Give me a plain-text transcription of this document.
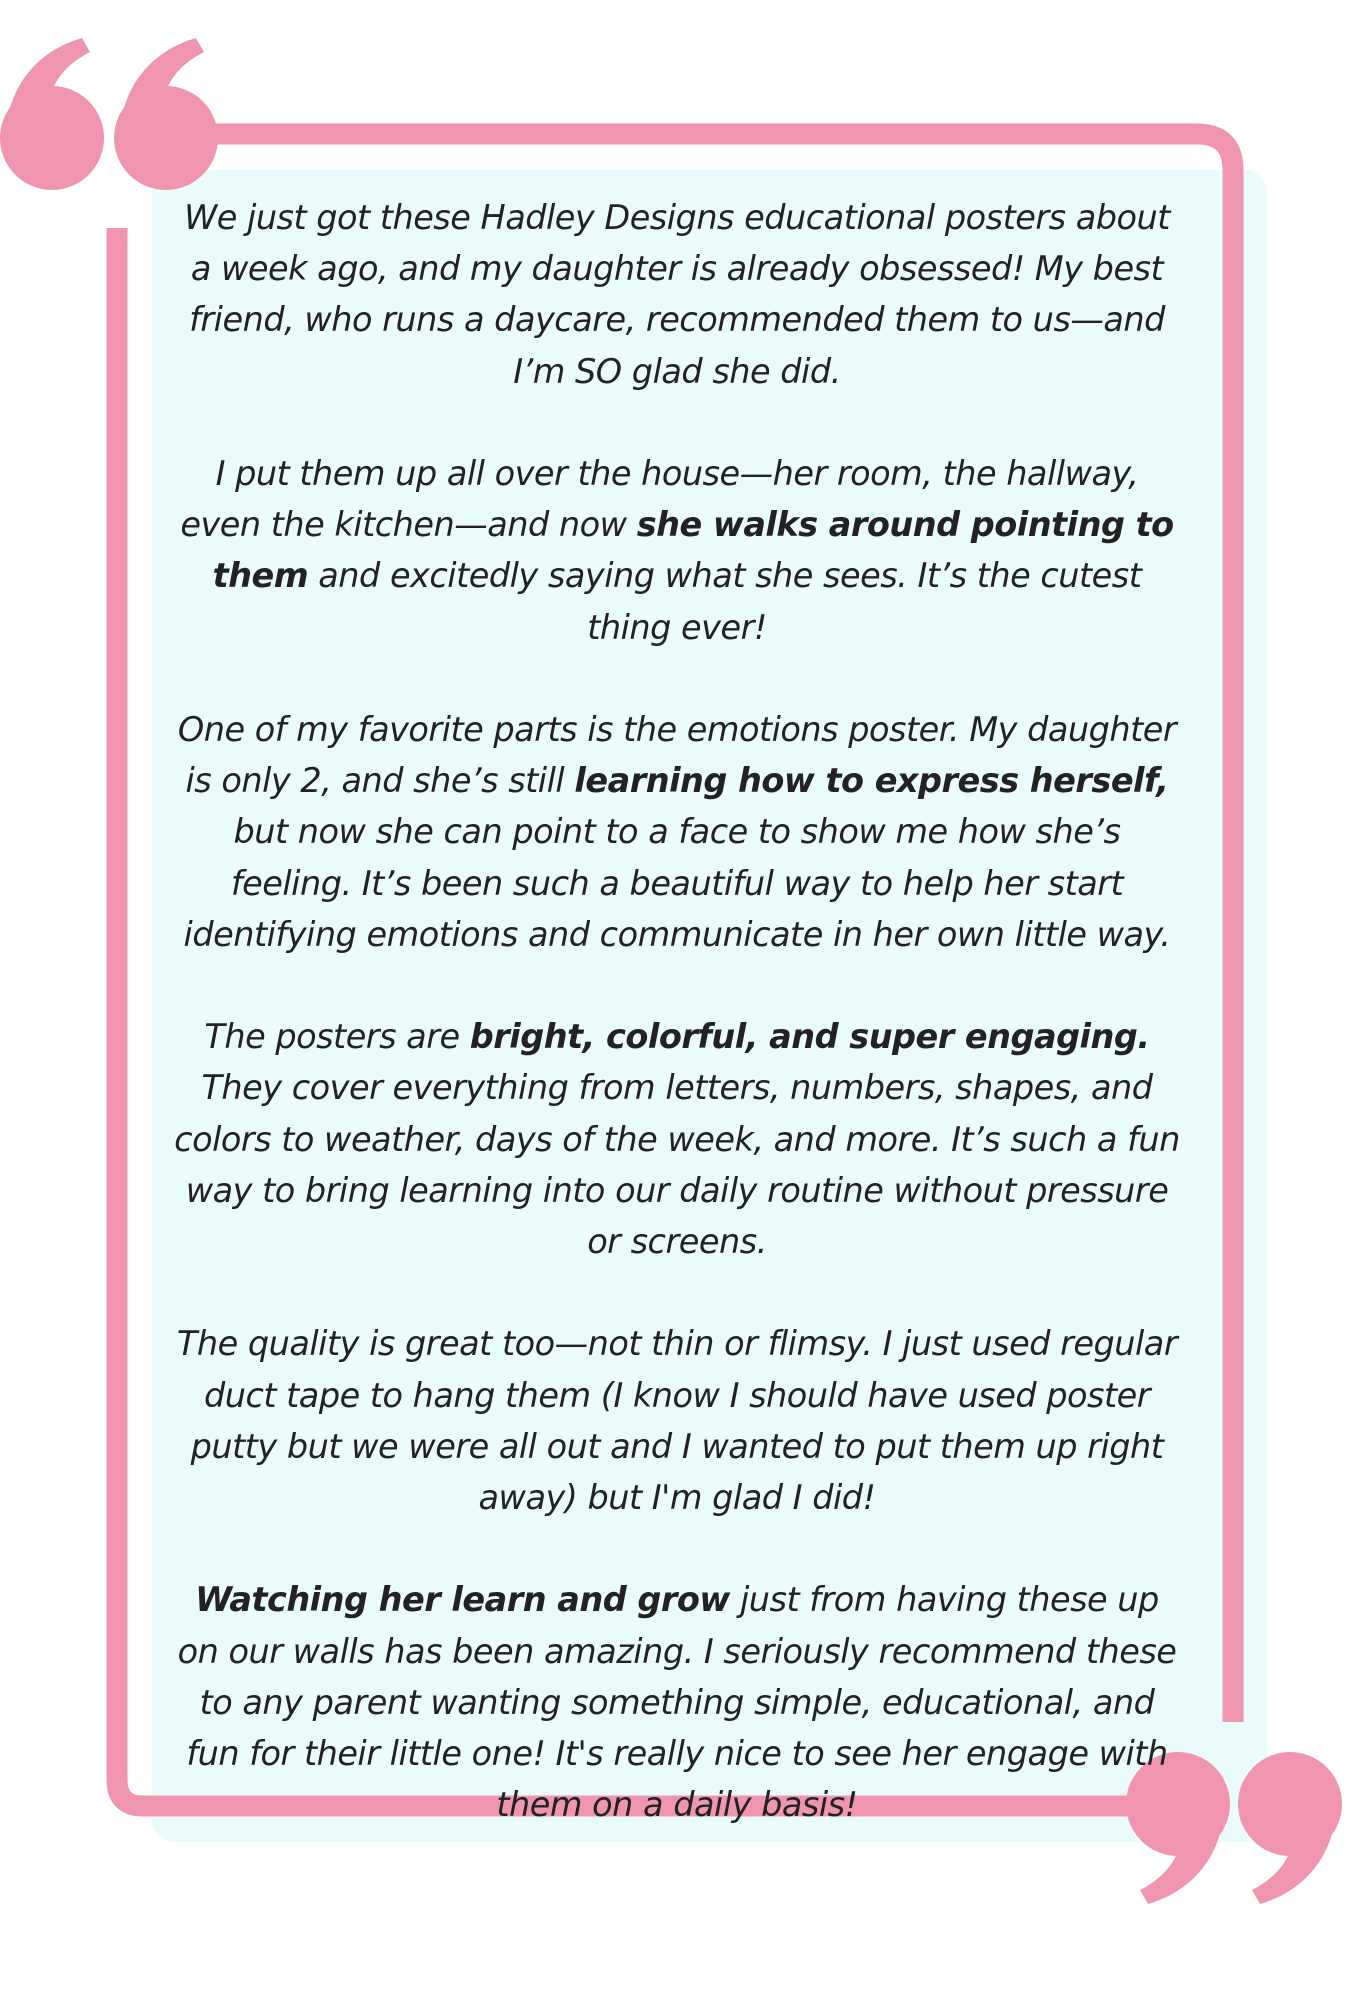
We just got these Hadley Designs educational posters about a week ago, and my daughter is already obsessed! My best friend, who runs a daycare, recommended them to us—and I’m SO glad she did.

I put them up all over the house—her room, the hallway, even the kitchen—and now she walks around pointing to them and excitedly saying what she sees. It’s the cutest thing ever!

One of my favorite parts is the emotions poster. My daughter is only 2, and she’s still learning how to express herself, but now she can point to a face to show me how she’s feeling. It’s been such a beautiful way to help her start identifying emotions and communicate in her own little way.

The posters are bright, colorful, and super engaging. They cover everything from letters, numbers, shapes, and colors to weather, days of the week, and more. It’s such a fun way to bring learning into our daily routine without pressure or screens.

The quality is great too—not thin or flimsy. I just used regular duct tape to hang them (I know I should have used poster putty but we were all out and I wanted to put them up right away) but I'm glad I did!

Watching her learn and grow just from having these up on our walls has been amazing. I seriously recommend these to any parent wanting something simple, educational, and fun for their little one! It's really nice to see her engage with them on a daily basis!
